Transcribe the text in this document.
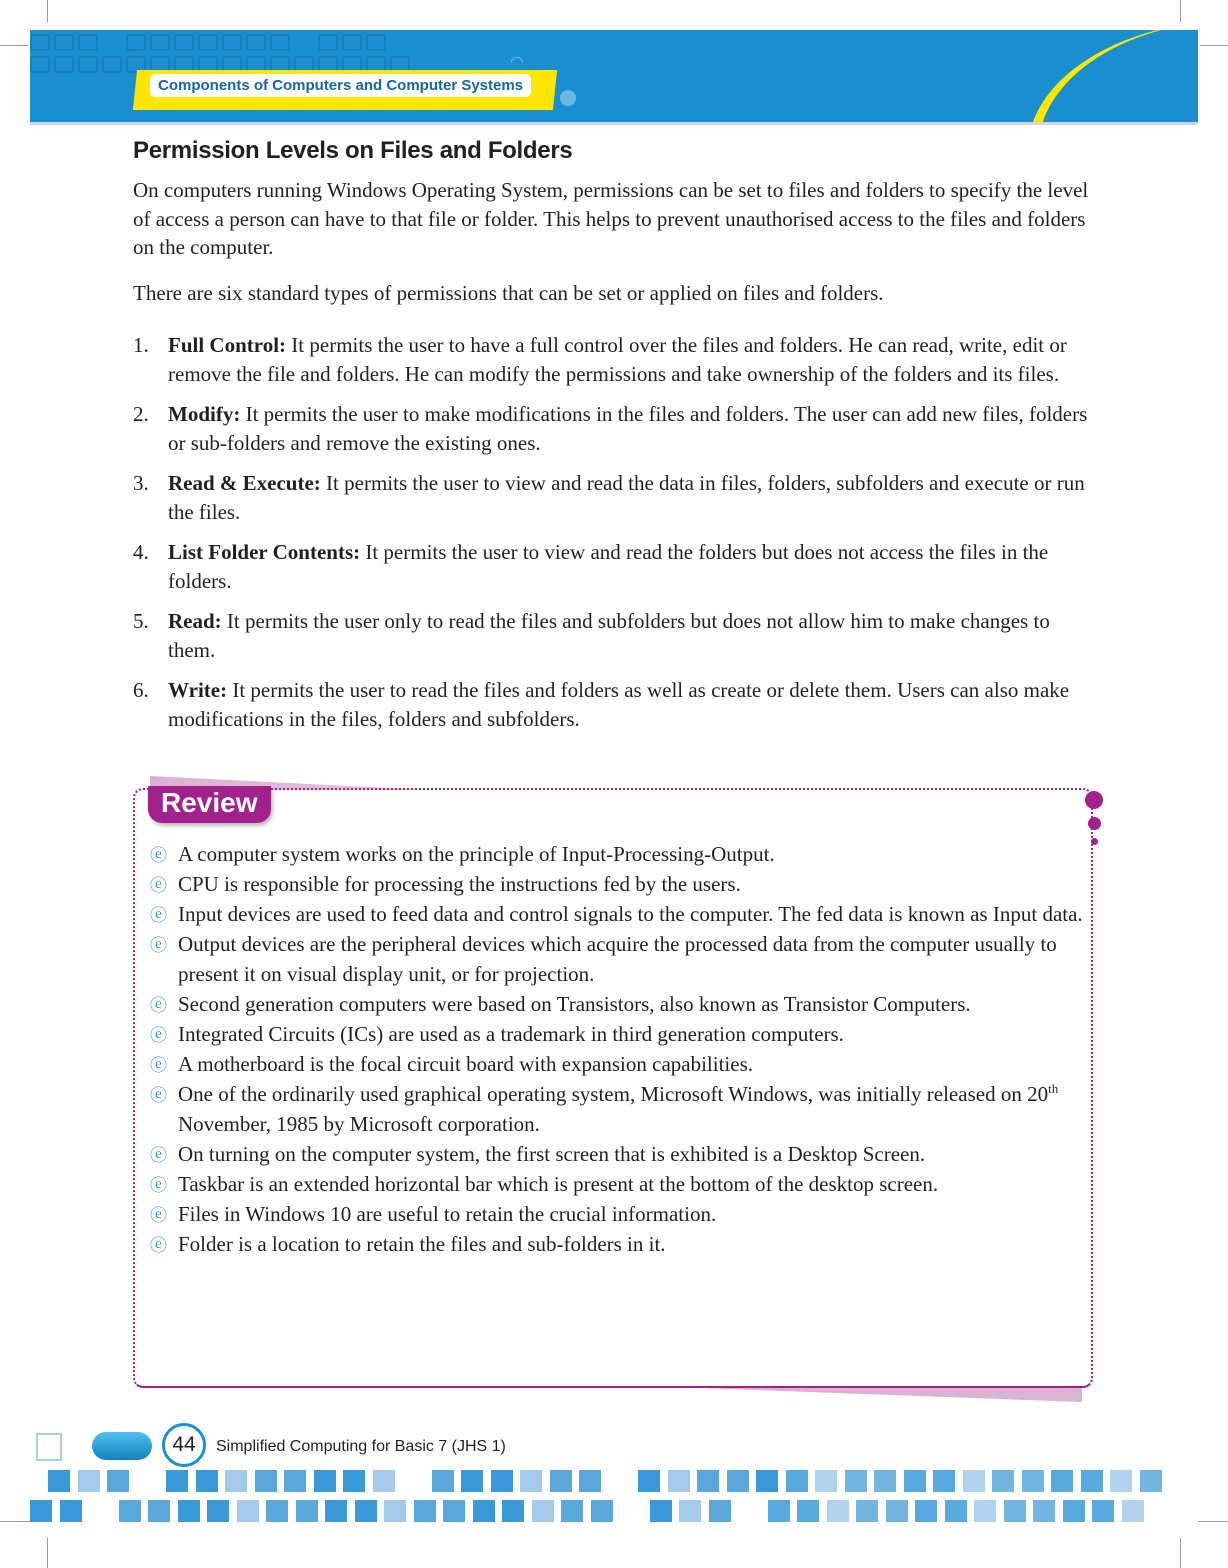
Components of Computers and Computer Systems
◠
Permission Levels on Files and Folders
On computers running Windows Operating System, permissions can be set to files and folders to specify the level of access a person can have to that file or folder. This helps to prevent unauthorised access to the files and folders on the computer.
There are six standard types of permissions that can be set or applied on files and folders.
1. Full Control: It permits the user to have a full control over the files and folders. He can read, write, edit or remove the file and folders. He can modify the permissions and take ownership of the folders and its files.
2. Modify: It permits the user to make modifications in the files and folders. The user can add new files, folders or sub-folders and remove the existing ones.
3. Read & Execute: It permits the user to view and read the data in files, folders, subfolders and execute or run the files.
4. List Folder Contents: It permits the user to view and read the folders but does not access the files in the folders.
5. Read: It permits the user only to read the files and subfolders but does not allow him to make changes to them.
6. Write: It permits the user to read the files and folders as well as create or delete them. Users can also make modifications in the files, folders and subfolders.
Review
ⓔ A computer system works on the principle of Input-Processing-Output.
ⓔ CPU is responsible for processing the instructions fed by the users.
ⓔ Input devices are used to feed data and control signals to the computer. The fed data is known as Input data.
ⓔ Output devices are the peripheral devices which acquire the processed data from the computer usually to present it on visual display unit, or for projection.
ⓔ Second generation computers were based on Transistors, also known as Transistor Computers.
ⓔ Integrated Circuits (ICs) are used as a trademark in third generation computers.
ⓔ A motherboard is the focal circuit board with expansion capabilities.
ⓔ One of the ordinarily used graphical operating system, Microsoft Windows, was initially released on 20th November, 1985 by Microsoft corporation.
ⓔ On turning on the computer system, the first screen that is exhibited is a Desktop Screen.
ⓔ Taskbar is an extended horizontal bar which is present at the bottom of the desktop screen.
ⓔ Files in Windows 10 are useful to retain the crucial information.
ⓔ Folder is a location to retain the files and sub-folders in it.
44	Simplified Computing for Basic 7 (JHS 1)
